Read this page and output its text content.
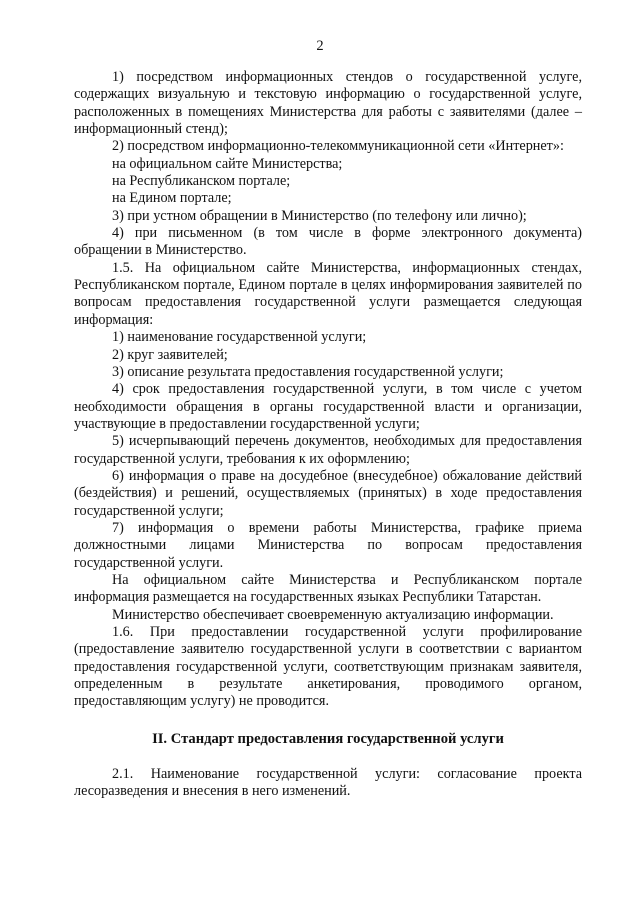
2

1) посредством информационных стендов о государственной услуге, содержащих визуальную и текстовую информацию о государственной услуге, расположенных в помещениях Министерства для работы с заявителями (далее – информационный стенд);

2) посредством информационно-телекоммуникационной сети «Интернет»:

на официальном сайте Министерства;

на Республиканском портале;

на Едином портале;

3) при устном обращении в Министерство (по телефону или лично);

4) при письменном (в том числе в форме электронного документа) обращении в Министерство.

1.5. На официальном сайте Министерства, информационных стендах, Республиканском портале, Едином портале в целях информирования заявителей по вопросам предоставления государственной услуги размещается следующая информация:

1) наименование государственной услуги;

2) круг заявителей;

3) описание результата предоставления государственной услуги;

4) срок предоставления государственной услуги, в том числе с учетом необходимости обращения в органы государственной власти и организации, участвующие в предоставлении государственной услуги;

5) исчерпывающий перечень документов, необходимых для предоставления государственной услуги, требования к их оформлению;

6) информация о праве на досудебное (внесудебное) обжалование действий (бездействия) и решений, осуществляемых (принятых) в ходе предоставления государственной услуги;

7) информация о времени работы Министерства, графике приема должностными лицами Министерства по вопросам предоставления государственной услуги.

На официальном сайте Министерства и Республиканском портале информация размещается на государственных языках Республики Татарстан.

Министерство обеспечивает своевременную актуализацию информации.

1.6. При предоставлении государственной услуги профилирование (предоставление заявителю государственной услуги в соответствии с вариантом предоставления государственной услуги, соответствующим признакам заявителя, определенным в результате анкетирования, проводимого органом, предоставляющим услугу) не проводится.

II. Стандарт предоставления государственной услуги

2.1. Наименование государственной услуги: согласование проекта лесоразведения и внесения в него изменений.
